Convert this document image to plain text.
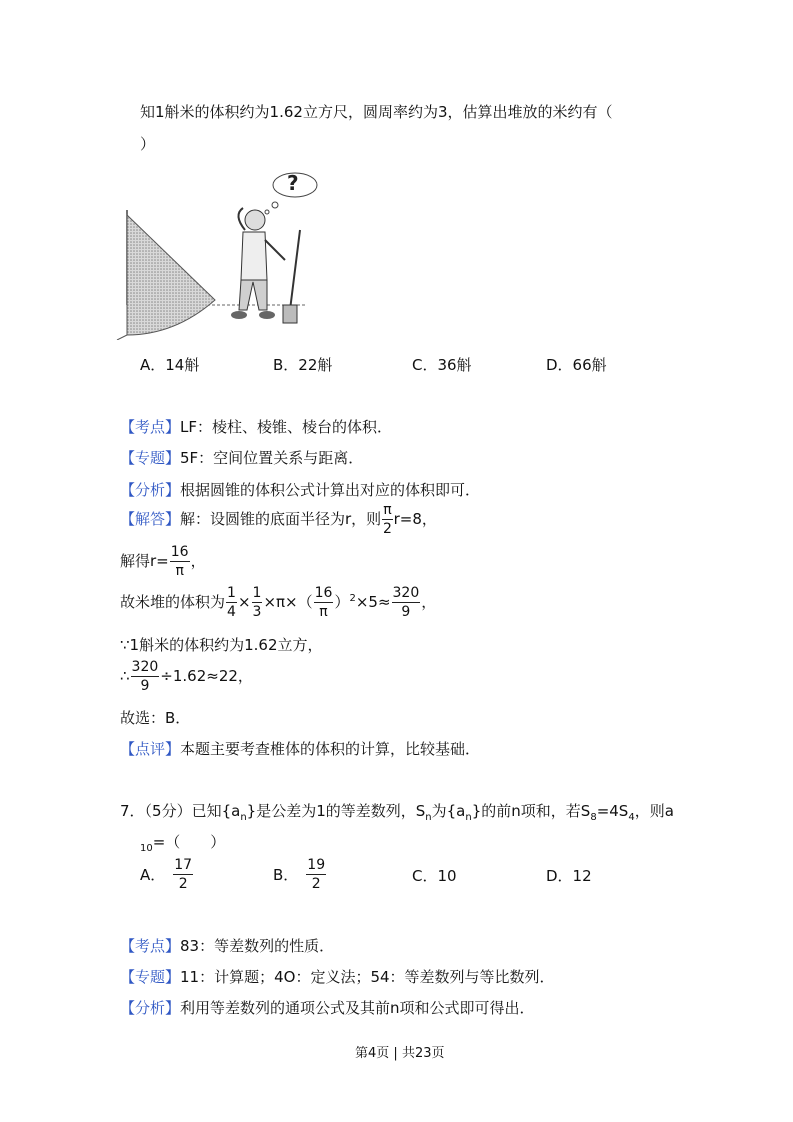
知1斛米的体积约为1.62立方尺，圆周率约为3，估算出堆放的米约有（
）
?
A．14斛	B．22斛	C．36斛	D．66斛
【考点】LF：棱柱、棱锥、棱台的体积．
【专题】5F：空间位置关系与距离．
【分析】根据圆锥的体积公式计算出对应的体积即可．
【解答】解：设圆锥的底面半径为r，则 $\frac{\pi}{2} r=8$，
解得$r= \frac{16}{\pi}$ ，
故米堆的体积为 $\frac{1}{4} \times \frac{1}{3} \times\pi\times( \frac{16}{\pi} )^2\times 5\approx \frac{320}{9}$ ，
∵1斛米的体积约为1.62立方，
∴ $\frac{320}{9} \div 1.62\approx 22$，
故选：B．
【点评】本题主要考查椎体的体积的计算，比较基础．
7．（5分）已知$\{a_n\}$是公差为1的等差数列，$S_n$为$\{a_n\}$的前n项和，若$S_8=4S_4$，则a
$_{10}$=（　　）
A． $\frac{17}{2}$	B． $\frac{19}{2}$	C．10	D．12
【考点】83：等差数列的性质．
【专题】11：计算题；4O：定义法；54：等差数列与等比数列．
【分析】利用等差数列的通项公式及其前n项和公式即可得出．
第4页 | 共23页
